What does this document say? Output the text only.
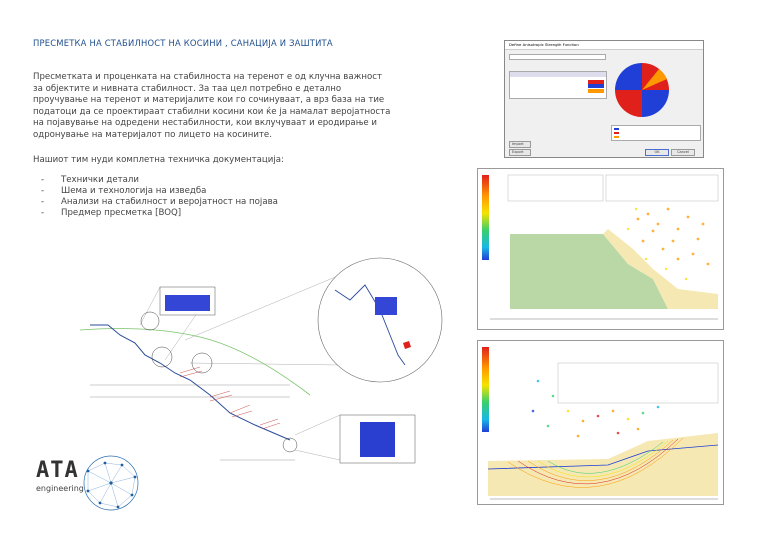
ПРЕСМЕТКА НА СТАБИЛНОСТ НА КОСИНИ , САНАЦИЈА И ЗАШТИТА
Пресметката и проценката на стабилноста на теренот е од клучна важност за објектите и нивната стабилност. За таа цел потребно е детално проучување на теренот и материјалите кои го сочинуваат, а врз база на тие податоци да се проектираат стабилни косини кои ќе ја намалат веројатноста на појавување на одредени нестабилности, кои вклучуваат и еродирање и одронување на материјалот по лицето на косините.
Нашиот тим нуди комплетна техничка документација:
- Технички детали
- Шема и технологија на изведба
- Анализи на стабилност и веројатност на појава
- Предмер пресметка [BOQ]
ATA
engineering
Define Anisotropic Strength Function
Import
Export	OK	Cancel
